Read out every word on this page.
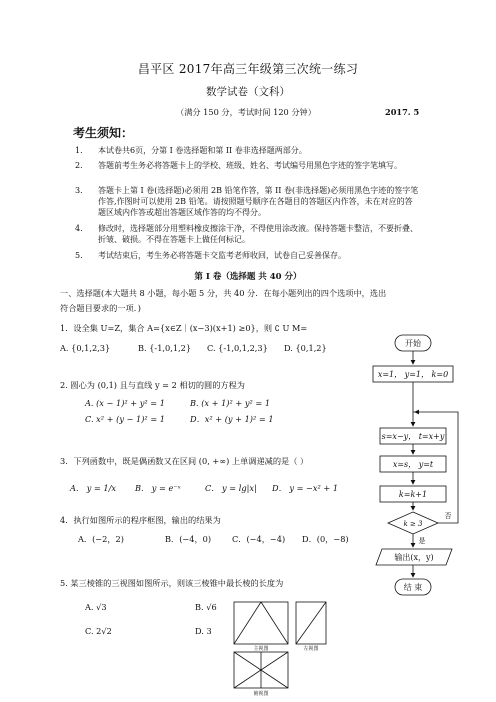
昌平区 2017年高三年级第三次统一练习
数学试卷（文科）
（满分 150 分，考试时间 120 分钟）	2017. 5
考生须知：
1． 本试卷共6页，分第 I 卷选择题和第 II 卷非选择题两部分。
2． 答题前考生务必将答题卡上的学校、班级、姓名、考试编号用黑色字迹的签字笔填写。
3． 答题卡上第 I 卷(选择题)必须用 2B 铅笔作答，第 II 卷(非选择题)必须用黑色字迹的签字笔作答,作图时可以使用 2B 铅笔。请按照题号顺序在各题目的答题区内作答，未在对应的答题区域内作答或超出答题区域作答的均不得分。
4． 修改时，选择题部分用塑料橡皮擦涂干净，不得使用涂改液。保持答题卡整洁，不要折叠、折皱、破损。不得在答题卡上做任何标记。
5． 考试结束后，考生务必将答题卡交监考老师收回，试卷自己妥善保存。
第 I 卷（选择题 共 40 分）
一、选择题(本大题共 8 小题，每小题 5 分，共 40 分．在每小题列出的四个选项中，选出
符合题目要求的一项．)
1．设全集 U=Z，集合 A={x∈Z｜(x−3)(x+1) ≥0}，则 ∁ U M=
A. {0,1,2,3}	B. {-1,0,1,2} C. {-1,0,1,2,3} D. {0,1,2}
2. 圆心为 (0,1) 且与直线 y = 2 相切的圆的方程为
A. (x − 1)² + y² = 1	B. (x + 1)² + y² = 1
C. x² + (y − 1)² = 1	D．x² + (y + 1)² = 1
3．下列函数中，既是偶函数又在区间 (0, +∞) 上单调递减的是（ ）
A． y = 1/x B． y = e⁻ˣ	C． y = lg|x| D． y = −x² + 1
4．执行如图所示的程序框图，输出的结果为
A．(−2，2)	B．(−4，0)	C．(−4，−4) D．(0，−8)
5. 某三棱锥的三视图如图所示，则该三棱锥中最长棱的长度为
A. √3	B. √6
C. 2√2	D. 3
开始
x=1， y=1， k=0
s=x−y， t=x+y
x=s， y=t
k=k+1
k ≥ 3
否
是
输出(x，y)
结 束
主视图	左视图
俯视图
